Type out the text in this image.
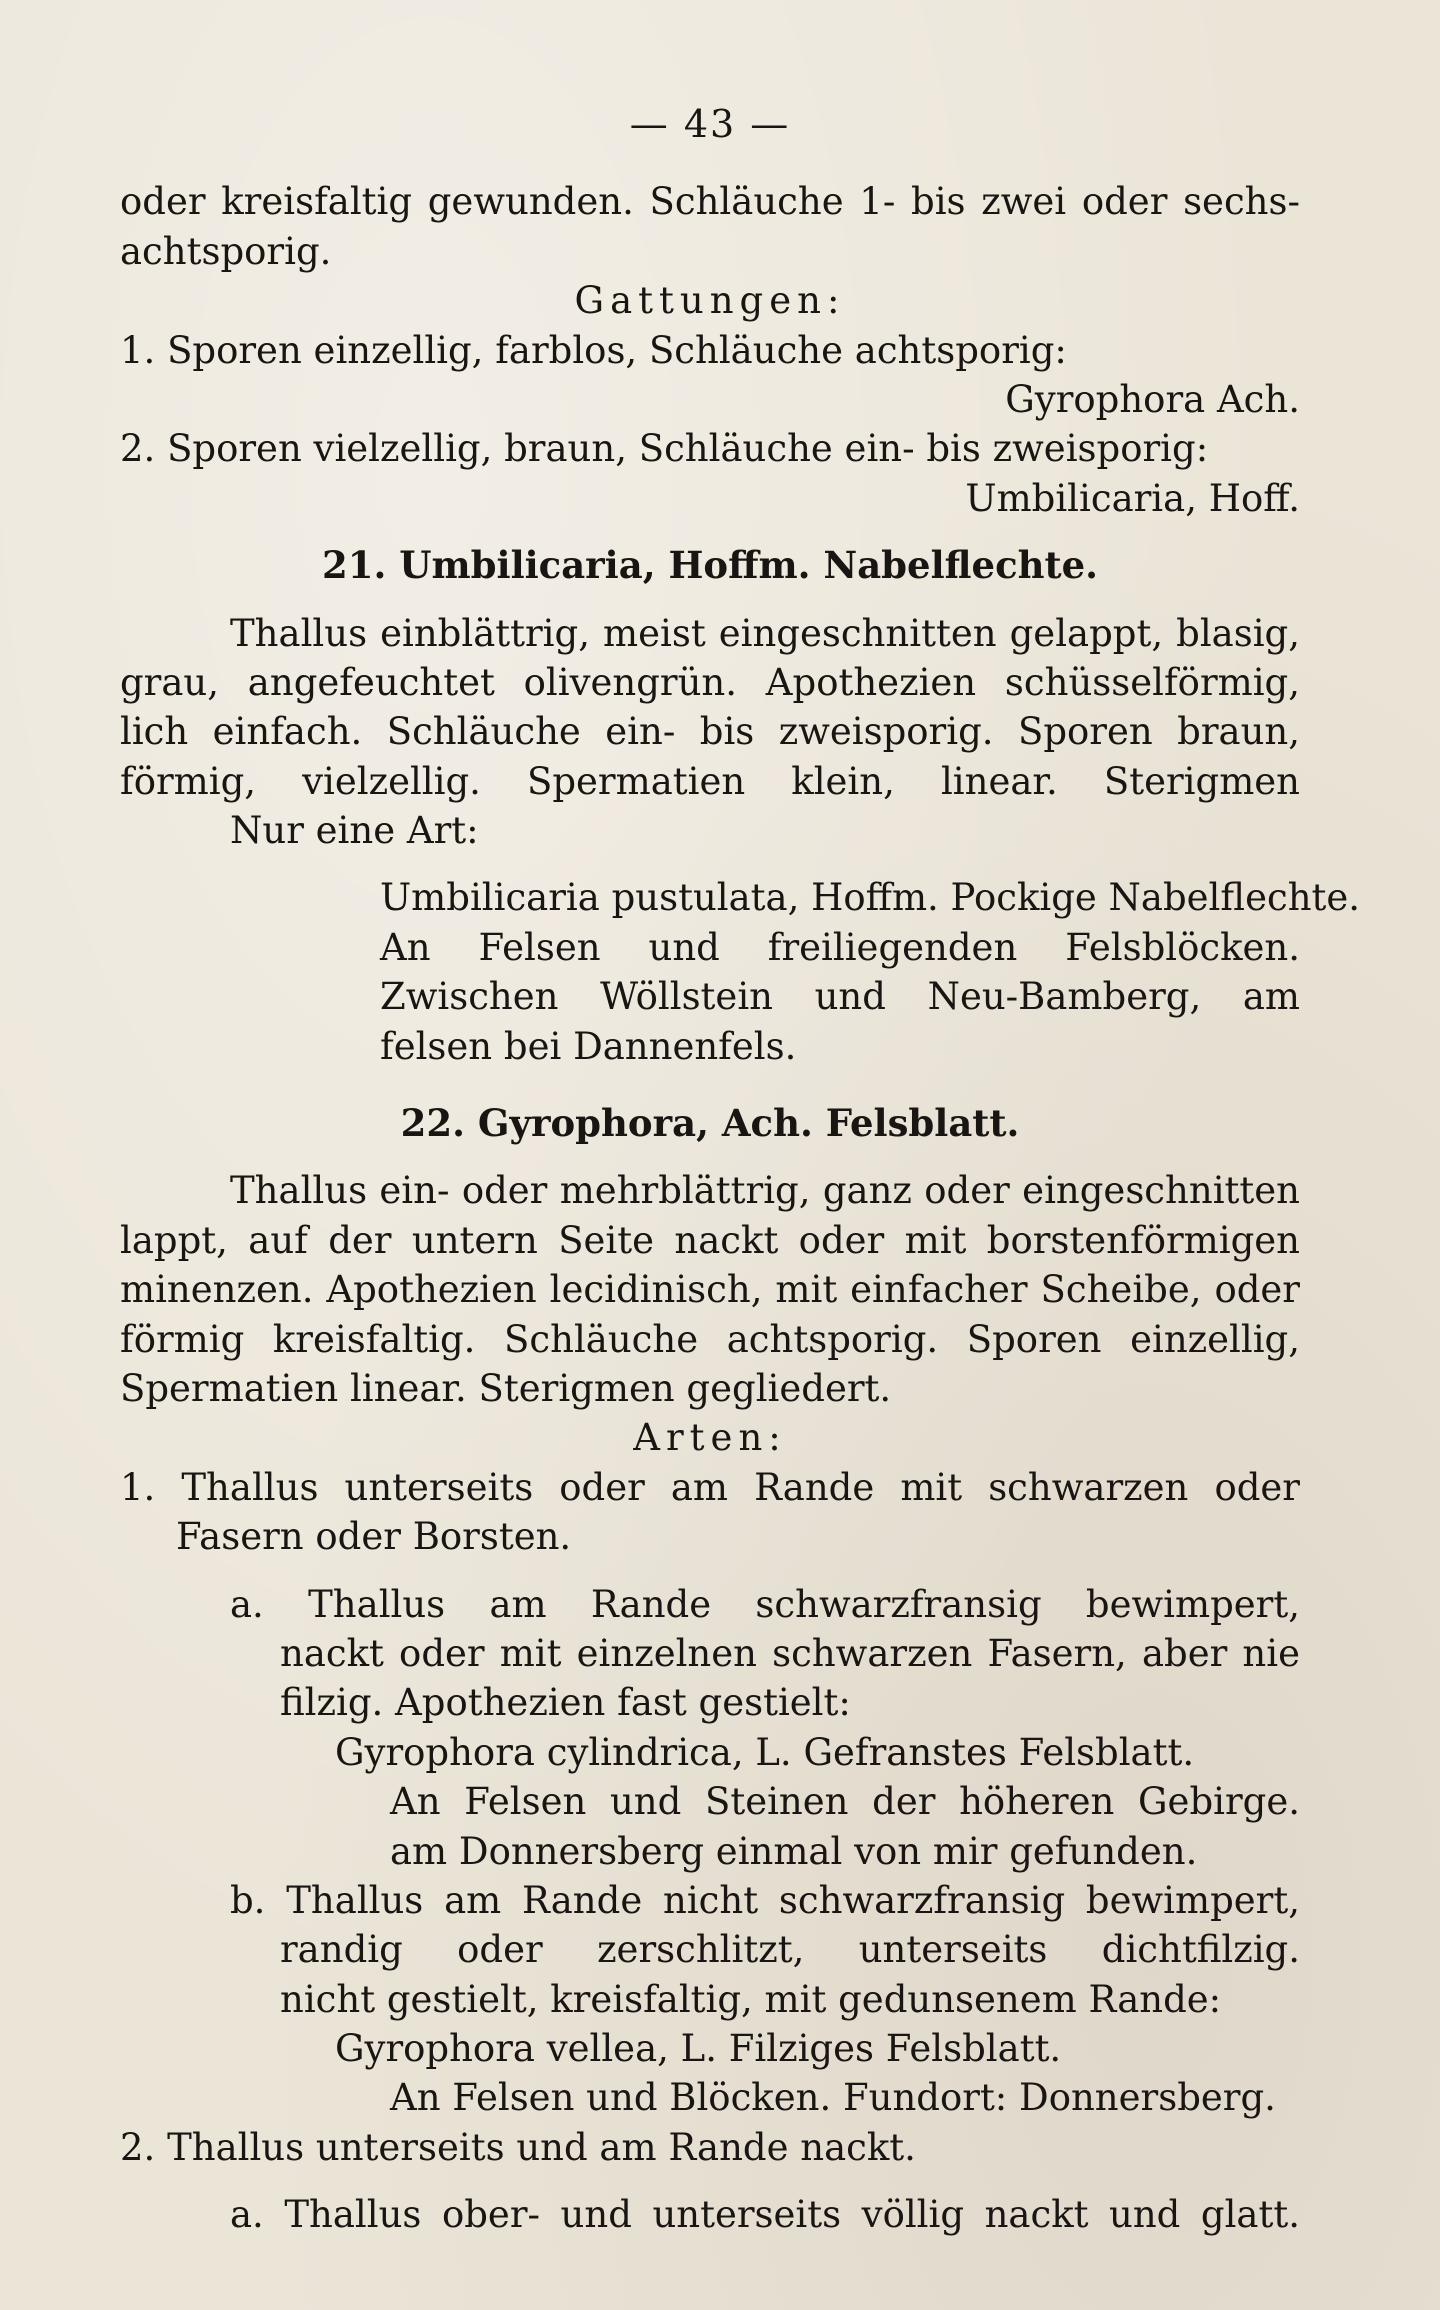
— 43 —
oder kreisfaltig gewunden. Schläuche 1- bis zwei oder sechs-
achtsporig.
Gattungen:
1. Sporen einzellig, farblos, Schläuche achtsporig:
Gyrophora Ach.
2. Sporen vielzellig, braun, Schläuche ein- bis zweisporig:
Umbilicaria, Hoff.
21. Umbilicaria, Hoffm. Nabelflechte.
Thallus einblättrig, meist eingeschnitten gelappt, blasig,
grau, angefeuchtet olivengrün. Apothezien schüsselförmig,
lich einfach. Schläuche ein- bis zweisporig. Sporen braun,
förmig, vielzellig. Spermatien klein, linear. Sterigmen
Nur eine Art:
Umbilicaria pustulata, Hoffm. Pockige Nabelflechte.
An Felsen und freiliegenden Felsblöcken.
Zwischen Wöllstein und Neu-Bamberg, am
felsen bei Dannenfels.
22. Gyrophora, Ach. Felsblatt.
Thallus ein- oder mehrblättrig, ganz oder eingeschnitten
lappt, auf der untern Seite nackt oder mit borstenförmigen
minenzen. Apothezien lecidinisch, mit einfacher Scheibe, oder
förmig kreisfaltig. Schläuche achtsporig. Sporen einzellig,
Spermatien linear. Sterigmen gegliedert.
Arten:
1. Thallus unterseits oder am Rande mit schwarzen oder
Fasern oder Borsten.
a. Thallus am Rande schwarzfransig bewimpert,
nackt oder mit einzelnen schwarzen Fasern, aber nie
filzig. Apothezien fast gestielt:
Gyrophora cylindrica, L. Gefranstes Felsblatt.
An Felsen und Steinen der höheren Gebirge.
am Donnersberg einmal von mir gefunden.
b. Thallus am Rande nicht schwarzfransig bewimpert,
randig oder zerschlitzt, unterseits dichtfilzig.
nicht gestielt, kreisfaltig, mit gedunsenem Rande:
Gyrophora vellea, L. Filziges Felsblatt.
An Felsen und Blöcken. Fundort: Donnersberg.
2. Thallus unterseits und am Rande nackt.
a. Thallus ober- und unterseits völlig nackt und glatt.
